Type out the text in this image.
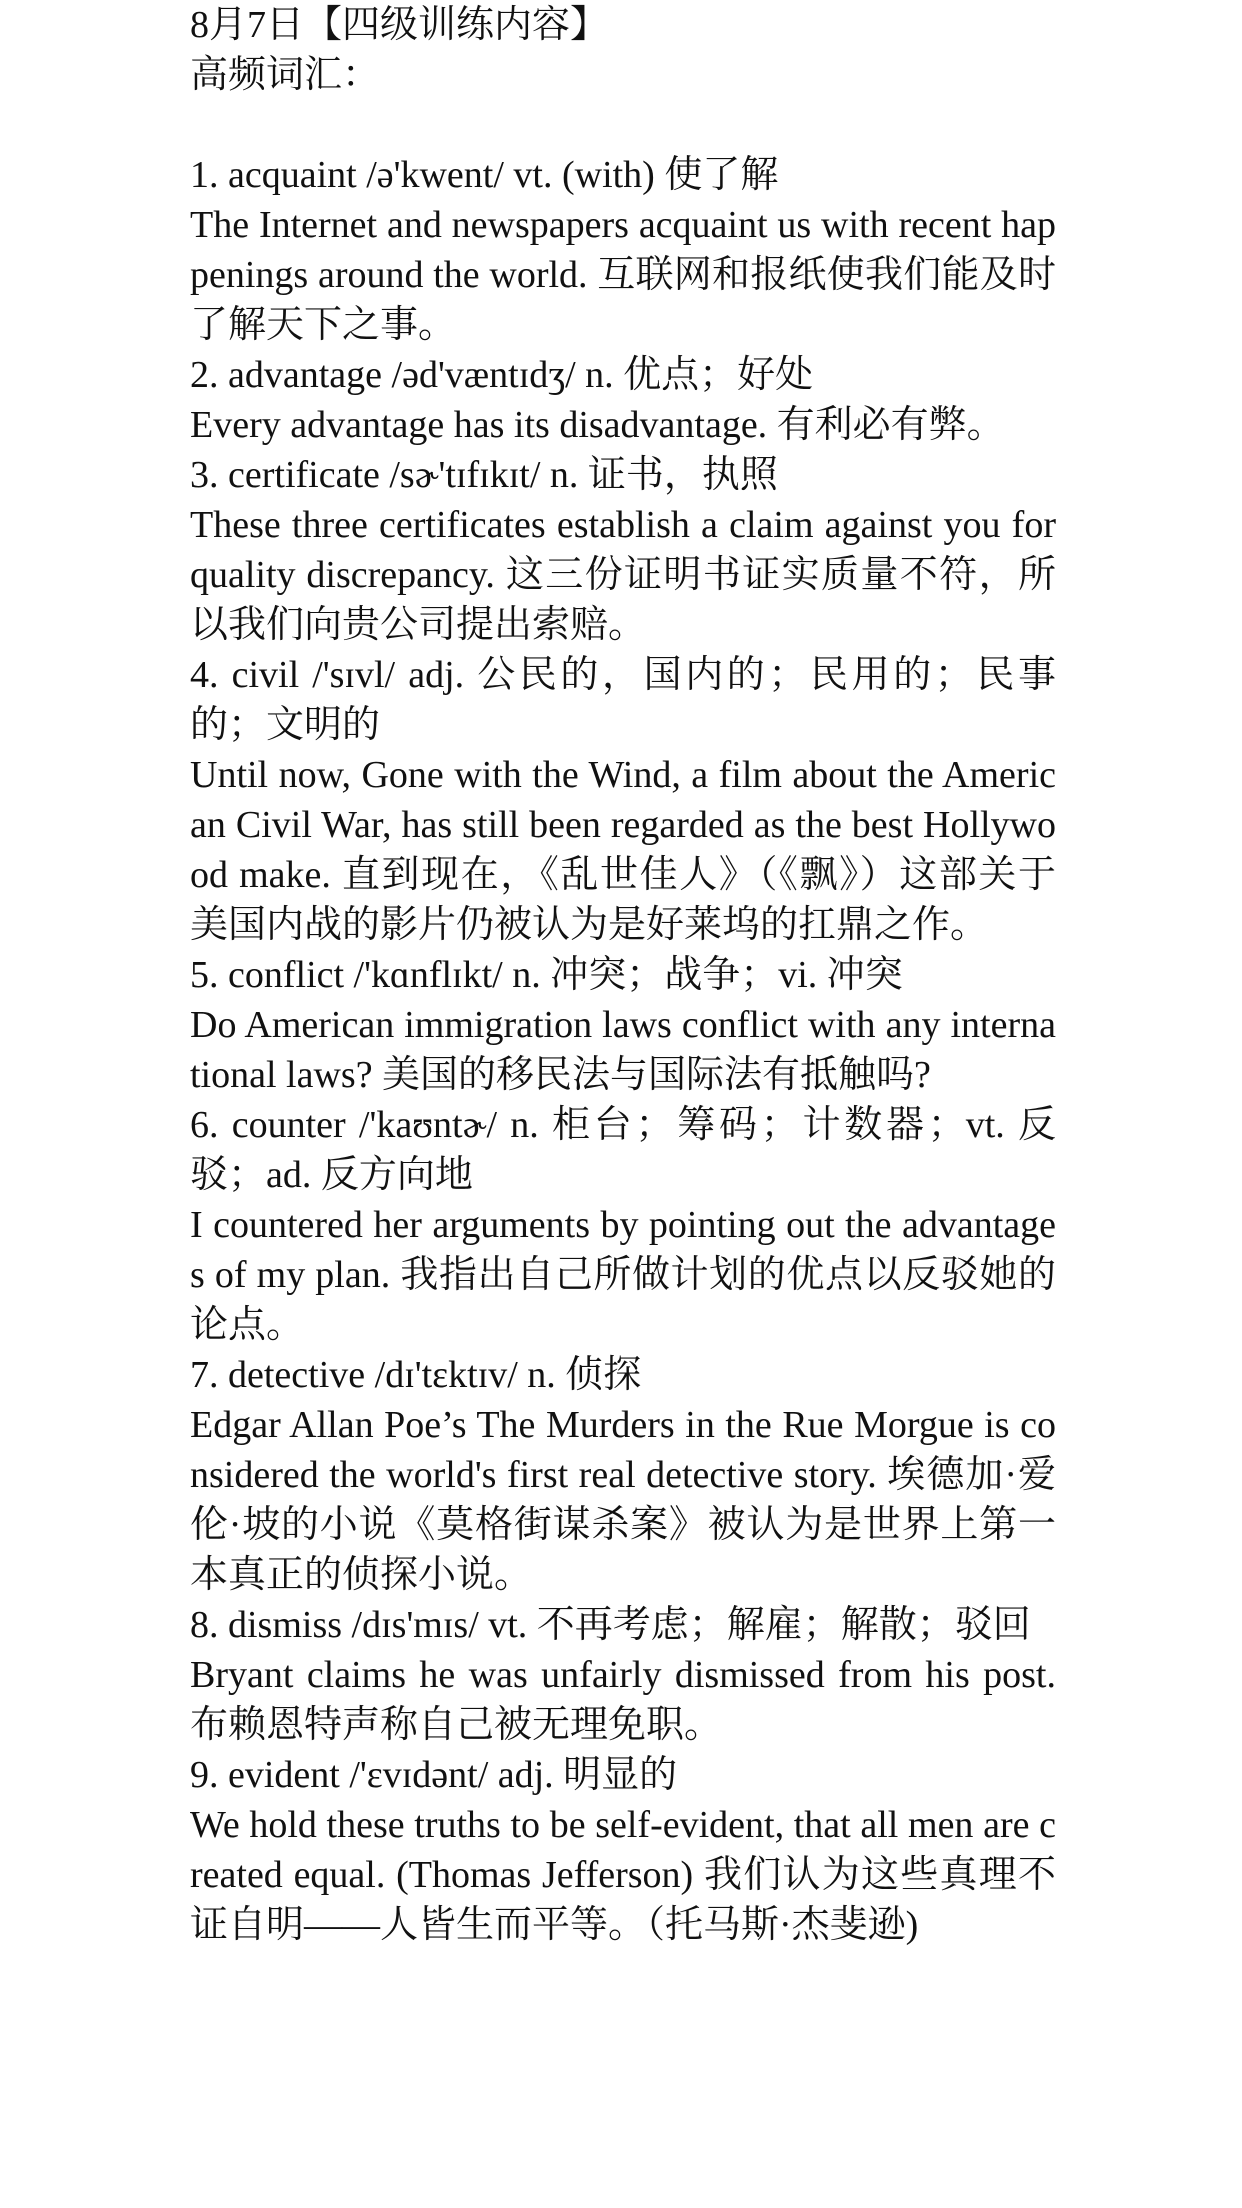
8月7日【四级训练内容】
高频词汇：
1. acquaint /ə'kwent/ vt. (with) 使了解
The Internet and newspapers acquaint us with recent happenings around the world. 互联网和报纸使我们能及时了解天下之事。
2. advantage /əd'væntɪdʒ/ n. 优点；好处
Every advantage has its disadvantage. 有利必有弊。
3. certificate /sɚ'tɪfɪkɪt/ n. 证书，执照
These three certificates establish a claim against you for quality discrepancy. 这三份证明书证实质量不符，所以我们向贵公司提出索赔。
4. civil /'sɪvl/ adj. 公民的，国内的；民用的；民事的；文明的
Until now, Gone with the Wind, a film about the American Civil War, has still been regarded as the best Hollywood make. 直到现在，《乱世佳人》（《飘》）这部关于美国内战的影片仍被认为是好莱坞的扛鼎之作。
5. conflict /'kɑnflɪkt/ n. 冲突；战争；vi. 冲突
Do American immigration laws conflict with any international laws? 美国的移民法与国际法有抵触吗?
6. counter /'kaʊntɚ/ n. 柜台；筹码；计数器；vt. 反驳；ad. 反方向地
I countered her arguments by pointing out the advantages of my plan. 我指出自己所做计划的优点以反驳她的论点。
7. detective /dɪ'tɛktɪv/ n. 侦探
Edgar Allan Poe’s The Murders in the Rue Morgue is considered the world's first real detective story. 埃德加·爱伦·坡的小说《莫格街谋杀案》被认为是世界上第一本真正的侦探小说。
8. dismiss /dɪs'mɪs/ vt. 不再考虑；解雇；解散；驳回
Bryant claims he was unfairly dismissed from his post. 布赖恩特声称自己被无理免职。
9. evident /'ɛvɪdənt/ adj. 明显的
We hold these truths to be self-evident, that all men are created equal. (Thomas Jefferson) 我们认为这些真理不证自明——人皆生而平等。（托马斯·杰斐逊)
